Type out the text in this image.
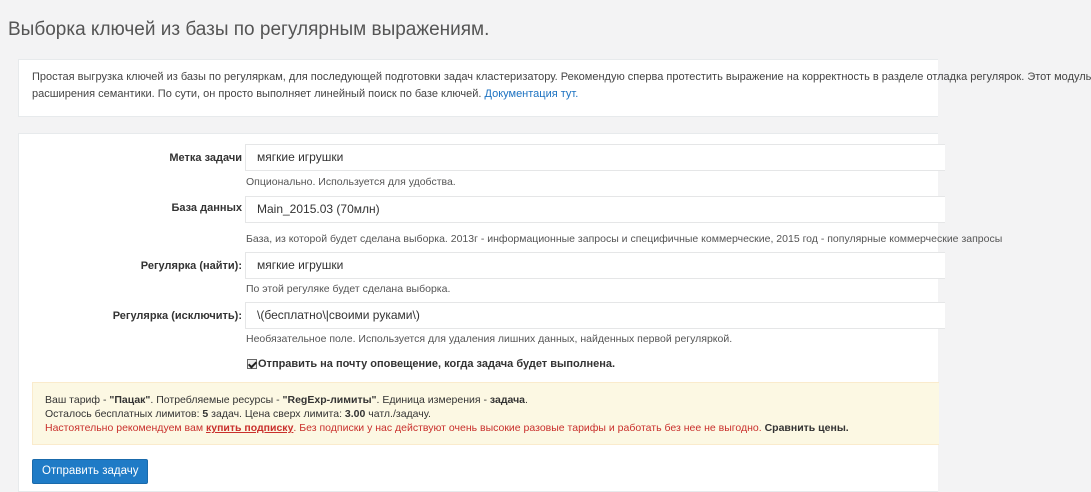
Выборка ключей из базы по регулярным выражениям.
Простая выгрузка ключей из базы по регуляркам, для последующей подготовки задач кластеризатору. Рекомендую сперва протестить выражение на корректность в разделе отладка регулярок. Этот модуль
расширения семантики. По сути, он просто выполняет линейный поиск по базе ключей. Документация тут.
Метка задачи	мягкие игрушки
Опционально. Используется для удобства.
База данных	Main_2015.03 (70млн)
База, из которой будет сделана выборка. 2013г - информационные запросы и специфичные коммерческие, 2015 год - популярные коммерческие запросы
Регулярка (найти):	мягкие игрушки
По этой регуляке будет сделана выборка.
Регулярка (исключить):	\(бесплатно\|своими руками\)
Необязательное поле. Используется для удаления лишних данных, найденных первой регуляркой.
Отправить на почту оповещение, когда задача будет выполнена.
Ваш тариф - "Пацак". Потребляемые ресурсы - "RegExp-лимиты". Единица измерения - задача.
Осталось бесплатных лимитов: 5 задач. Цена сверх лимита: 3.00 чатл./задачу.
Настоятельно рекомендуем вам купить подписку. Без подписки у нас действуют очень высокие разовые тарифы и работать без нее не выгодно. Сравнить цены.
Отправить задачу
